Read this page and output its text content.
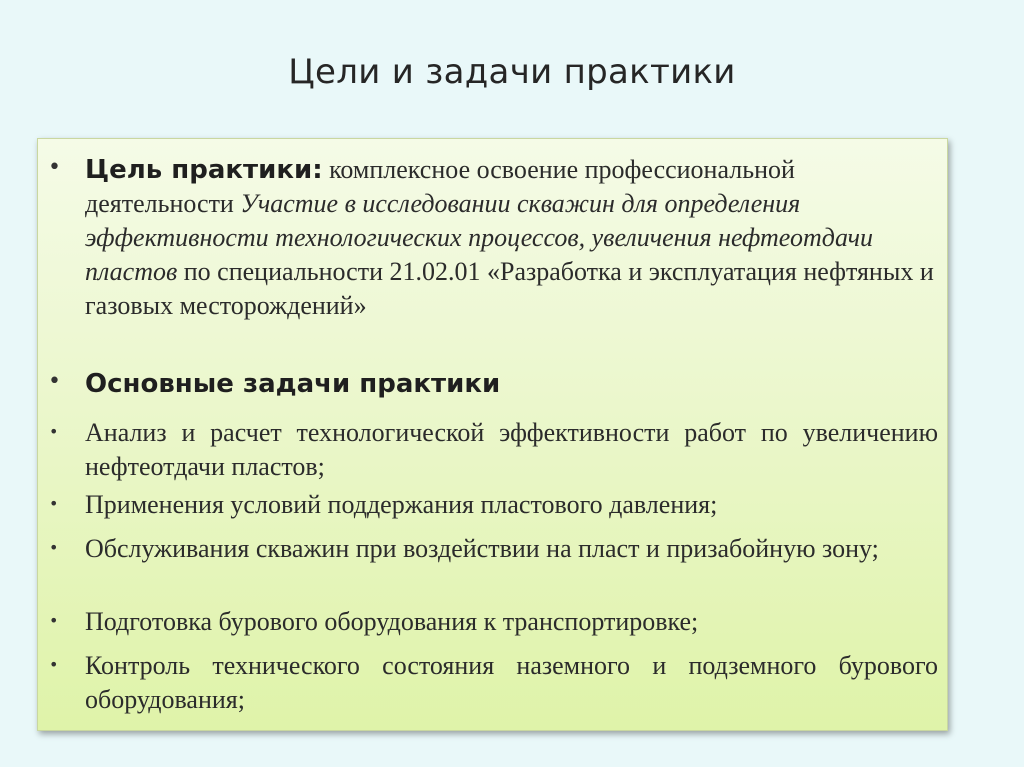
Цели и задачи практики
• Цель практики: комплексное освоение профессиональной деятельности Участие в исследовании скважин для определения эффективности технологических процессов, увеличения нефтеотдачи пластов по специальности 21.02.01 «Разработка и эксплуатация нефтяных и газовых месторождений»
• Основные задачи практики
• Анализ и расчет технологической эффективности работ по увеличению нефтеотдачи пластов;
• Применения условий поддержания пластового давления;
• Обслуживания скважин при воздействии на пласт и призабойную зону;
• Подготовка бурового оборудования к транспортировке;
• Контроль технического состояния наземного и подземного бурового оборудования;
